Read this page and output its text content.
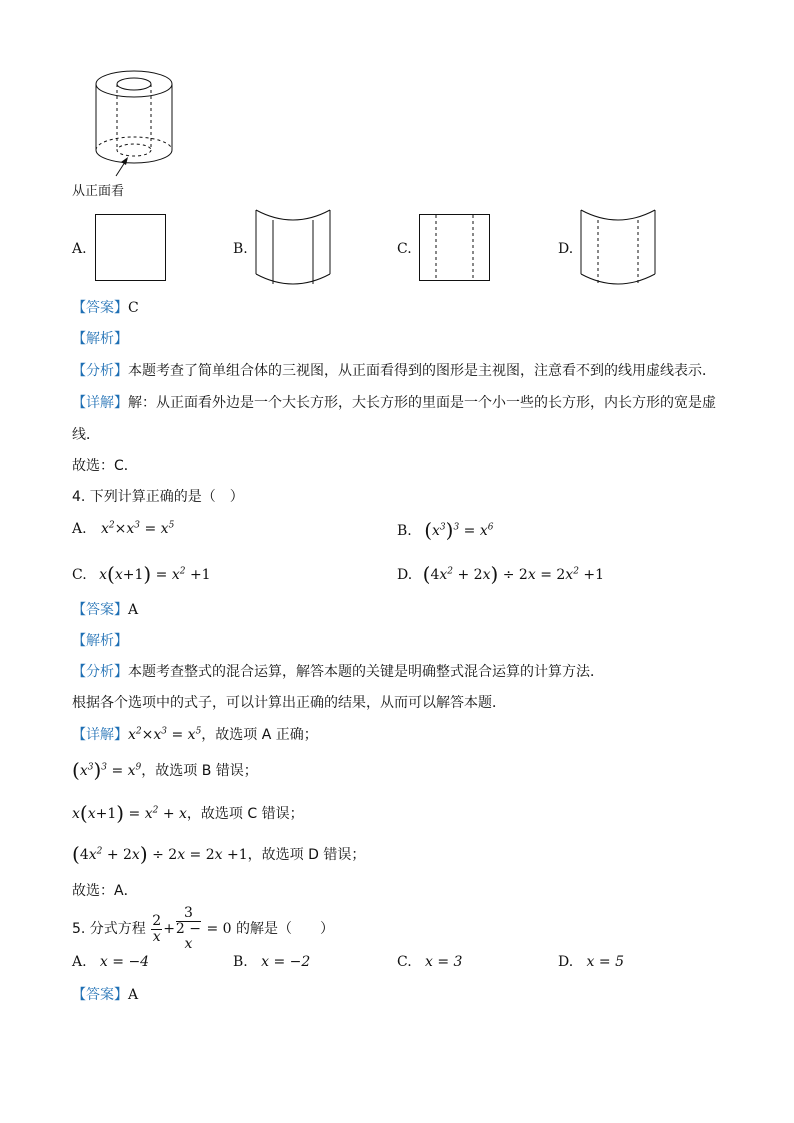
从正面看
A.	B.	C.	D.
【答案】C
【解析】
【分析】本题考查了简单组合体的三视图，从正面看得到的图形是主视图，注意看不到的线用虚线表示．
【详解】解：从正面看外边是一个大长方形，大长方形的里面是一个小一些的长方形，内长方形的宽是虚
线．
故选：C．
4. 下列计算正确的是（　）
A. $x^2\times x^3 = x^5$	B. $(x^3)^3 = x^6$
C. $x(x+1) = x^2 +1$	D. $(4x^2 + 2x) \div 2x = 2x^2 +1$
【答案】A
【解析】
【分析】本题考查整式的混合运算，解答本题的关键是明确整式混合运算的计算方法．
根据各个选项中的式子，可以计算出正确的结果，从而可以解答本题．
【详解】$x^2\times x^3 = x^5$，故选项 A 正确；
$(x^3)^3 = x^9$，故选项 B 错误；
$x(x+1) = x^2 + x$，故选项 C 错误；
$(4x^2 + 2x) \div 2x = 2x +1$，故选项 D 错误；
故选：A．
5. 分式方程 $\frac{2}{x} + 3$
2 −
x = 0 的解是（　　）
A. x = −4	B. x = −2	C. x = 3	D. x = 5
【答案】A
